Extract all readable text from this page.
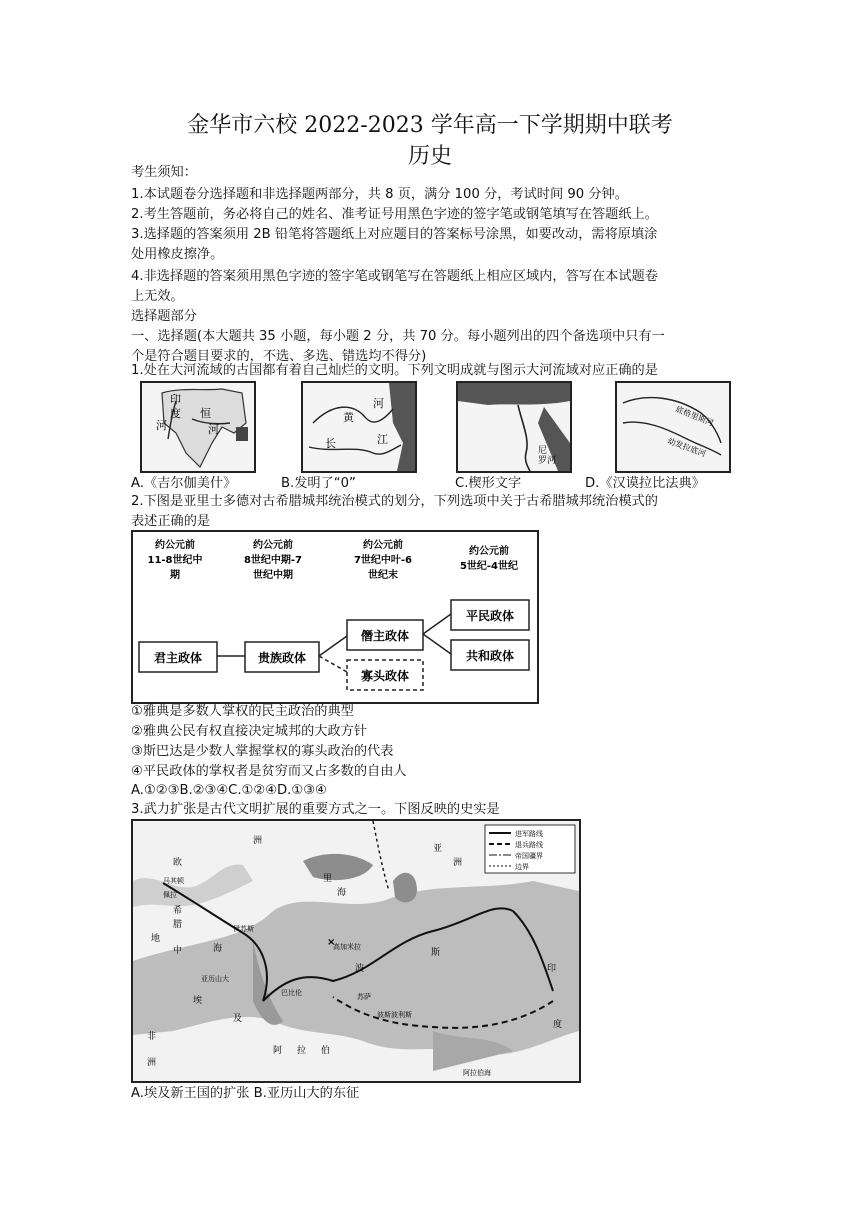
金华市六校 2022-2023 学年高一下学期期中联考
历史
考生须知：
1.本试题卷分选择题和非选择题两部分，共 8 页，满分 100 分，考试时间 90 分钟。
2.考生答题前，务必将自己的姓名、准考证号用黑色字迹的签字笔或钢笔填写在答题纸上。
3.选择题的答案须用 2B 铅笔将答题纸上对应题目的答案标号涂黑，如要改动，需将原填涂
处用橡皮擦净。
4.非选择题的答案须用黑色字迹的签字笔或钢笔写在答题纸上相应区域内，答写在本试题卷
上无效。
选择题部分
一、选择题(本大题共 35 小题，每小题 2 分，共 70 分。每小题列出的四个备选项中只有一
个是符合题目要求的，不选、多选、错选均不得分)
1.处在大河流域的古国都有着自己灿烂的文明。下列文明成就与图示大河流域对应正确的是
印
度
河
恒
河
黄
河
长	江
尼
罗 河
底格里斯河
幼发拉底河
A.《吉尔伽美什》	B.发明了“0”	C.楔形文字	D.《汉谟拉比法典》
2.下图是亚里士多德对古希腊城邦统治模式的划分，下列选项中关于古希腊城邦统治模式的
表述正确的是
约公元前
11-8世纪中
期
约公元前
8世纪中期-7
世纪中期
约公元前
7世纪中叶-6
世纪末
约公元前
5世纪-4世纪
君主政体	贵族政体
僭主政体
寡头政体
平民政体
共和政体
①雅典是多数人掌权的民主政治的典型
②雅典公民有权直接决定城邦的大政方针
③斯巴达是少数人掌握掌权的寡头政治的代表
④平民政体的掌权者是贫穷而又占多数的自由人
A.①②③B.②③④C.①②④D.①③④
3.武力扩张是古代文明扩展的重要方式之一。下图反映的史实是
进军路线
退兵路线
帝国疆界
边界
欧
洲
马其顿
佩拉
希
腊
亚历山大
埃
及
非
洲
地
中	海
伊苏斯
高加米拉
巴比伦
波
斯
里
海
苏萨
波斯波利斯
阿 拉 伯
印
度
阿拉伯海
亚
洲
×
A.埃及新王国的扩张 B.亚历山大的东征
